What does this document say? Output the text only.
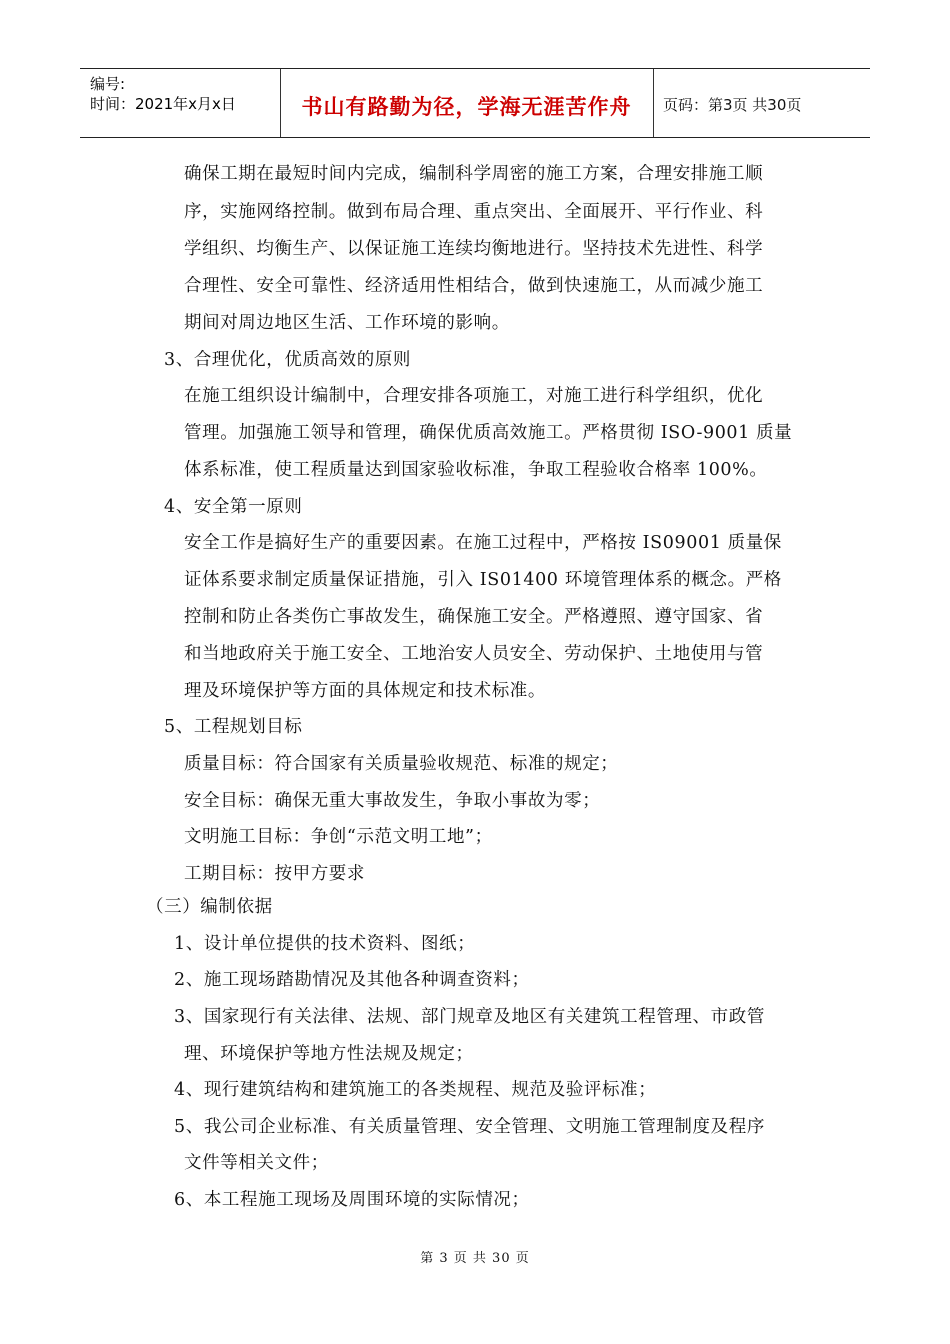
编号:
时间：2021年x月x日	书山有路勤为径，学海无涯苦作舟	页码：第3页 共30页
确保工期在最短时间内完成，编制科学周密的施工方案，合理安排施工顺
序，实施网络控制。做到布局合理、重点突出、全面展开、平行作业、科
学组织、均衡生产、以保证施工连续均衡地进行。坚持技术先进性、科学
合理性、安全可靠性、经济适用性相结合，做到快速施工，从而减少施工
期间对周边地区生活、工作环境的影响。
3、合理优化，优质高效的原则
在施工组织设计编制中，合理安排各项施工，对施工进行科学组织，优化
管理。加强施工领导和管理，确保优质高效施工。严格贯彻 ISO-9001 质量
体系标准，使工程质量达到国家验收标准，争取工程验收合格率 100%。
4、安全第一原则
安全工作是搞好生产的重要因素。在施工过程中，严格按 IS09001 质量保
证体系要求制定质量保证措施，引入 IS01400 环境管理体系的概念。严格
控制和防止各类伤亡事故发生，确保施工安全。严格遵照、遵守国家、省
和当地政府关于施工安全、工地治安人员安全、劳动保护、土地使用与管
理及环境保护等方面的具体规定和技术标准。
5、工程规划目标
质量目标：符合国家有关质量验收规范、标准的规定；
安全目标：确保无重大事故发生，争取小事故为零；
文明施工目标：争创“示范文明工地”；
工期目标：按甲方要求
（三）编制依据
1、设计单位提供的技术资料、图纸；
2、施工现场踏勘情况及其他各种调查资料；
3、国家现行有关法律、法规、部门规章及地区有关建筑工程管理、市政管
理、环境保护等地方性法规及规定；
4、现行建筑结构和建筑施工的各类规程、规范及验评标准；
5、我公司企业标准、有关质量管理、安全管理、文明施工管理制度及程序
文件等相关文件；
6、本工程施工现场及周围环境的实际情况；
第 3 页 共 30 页
